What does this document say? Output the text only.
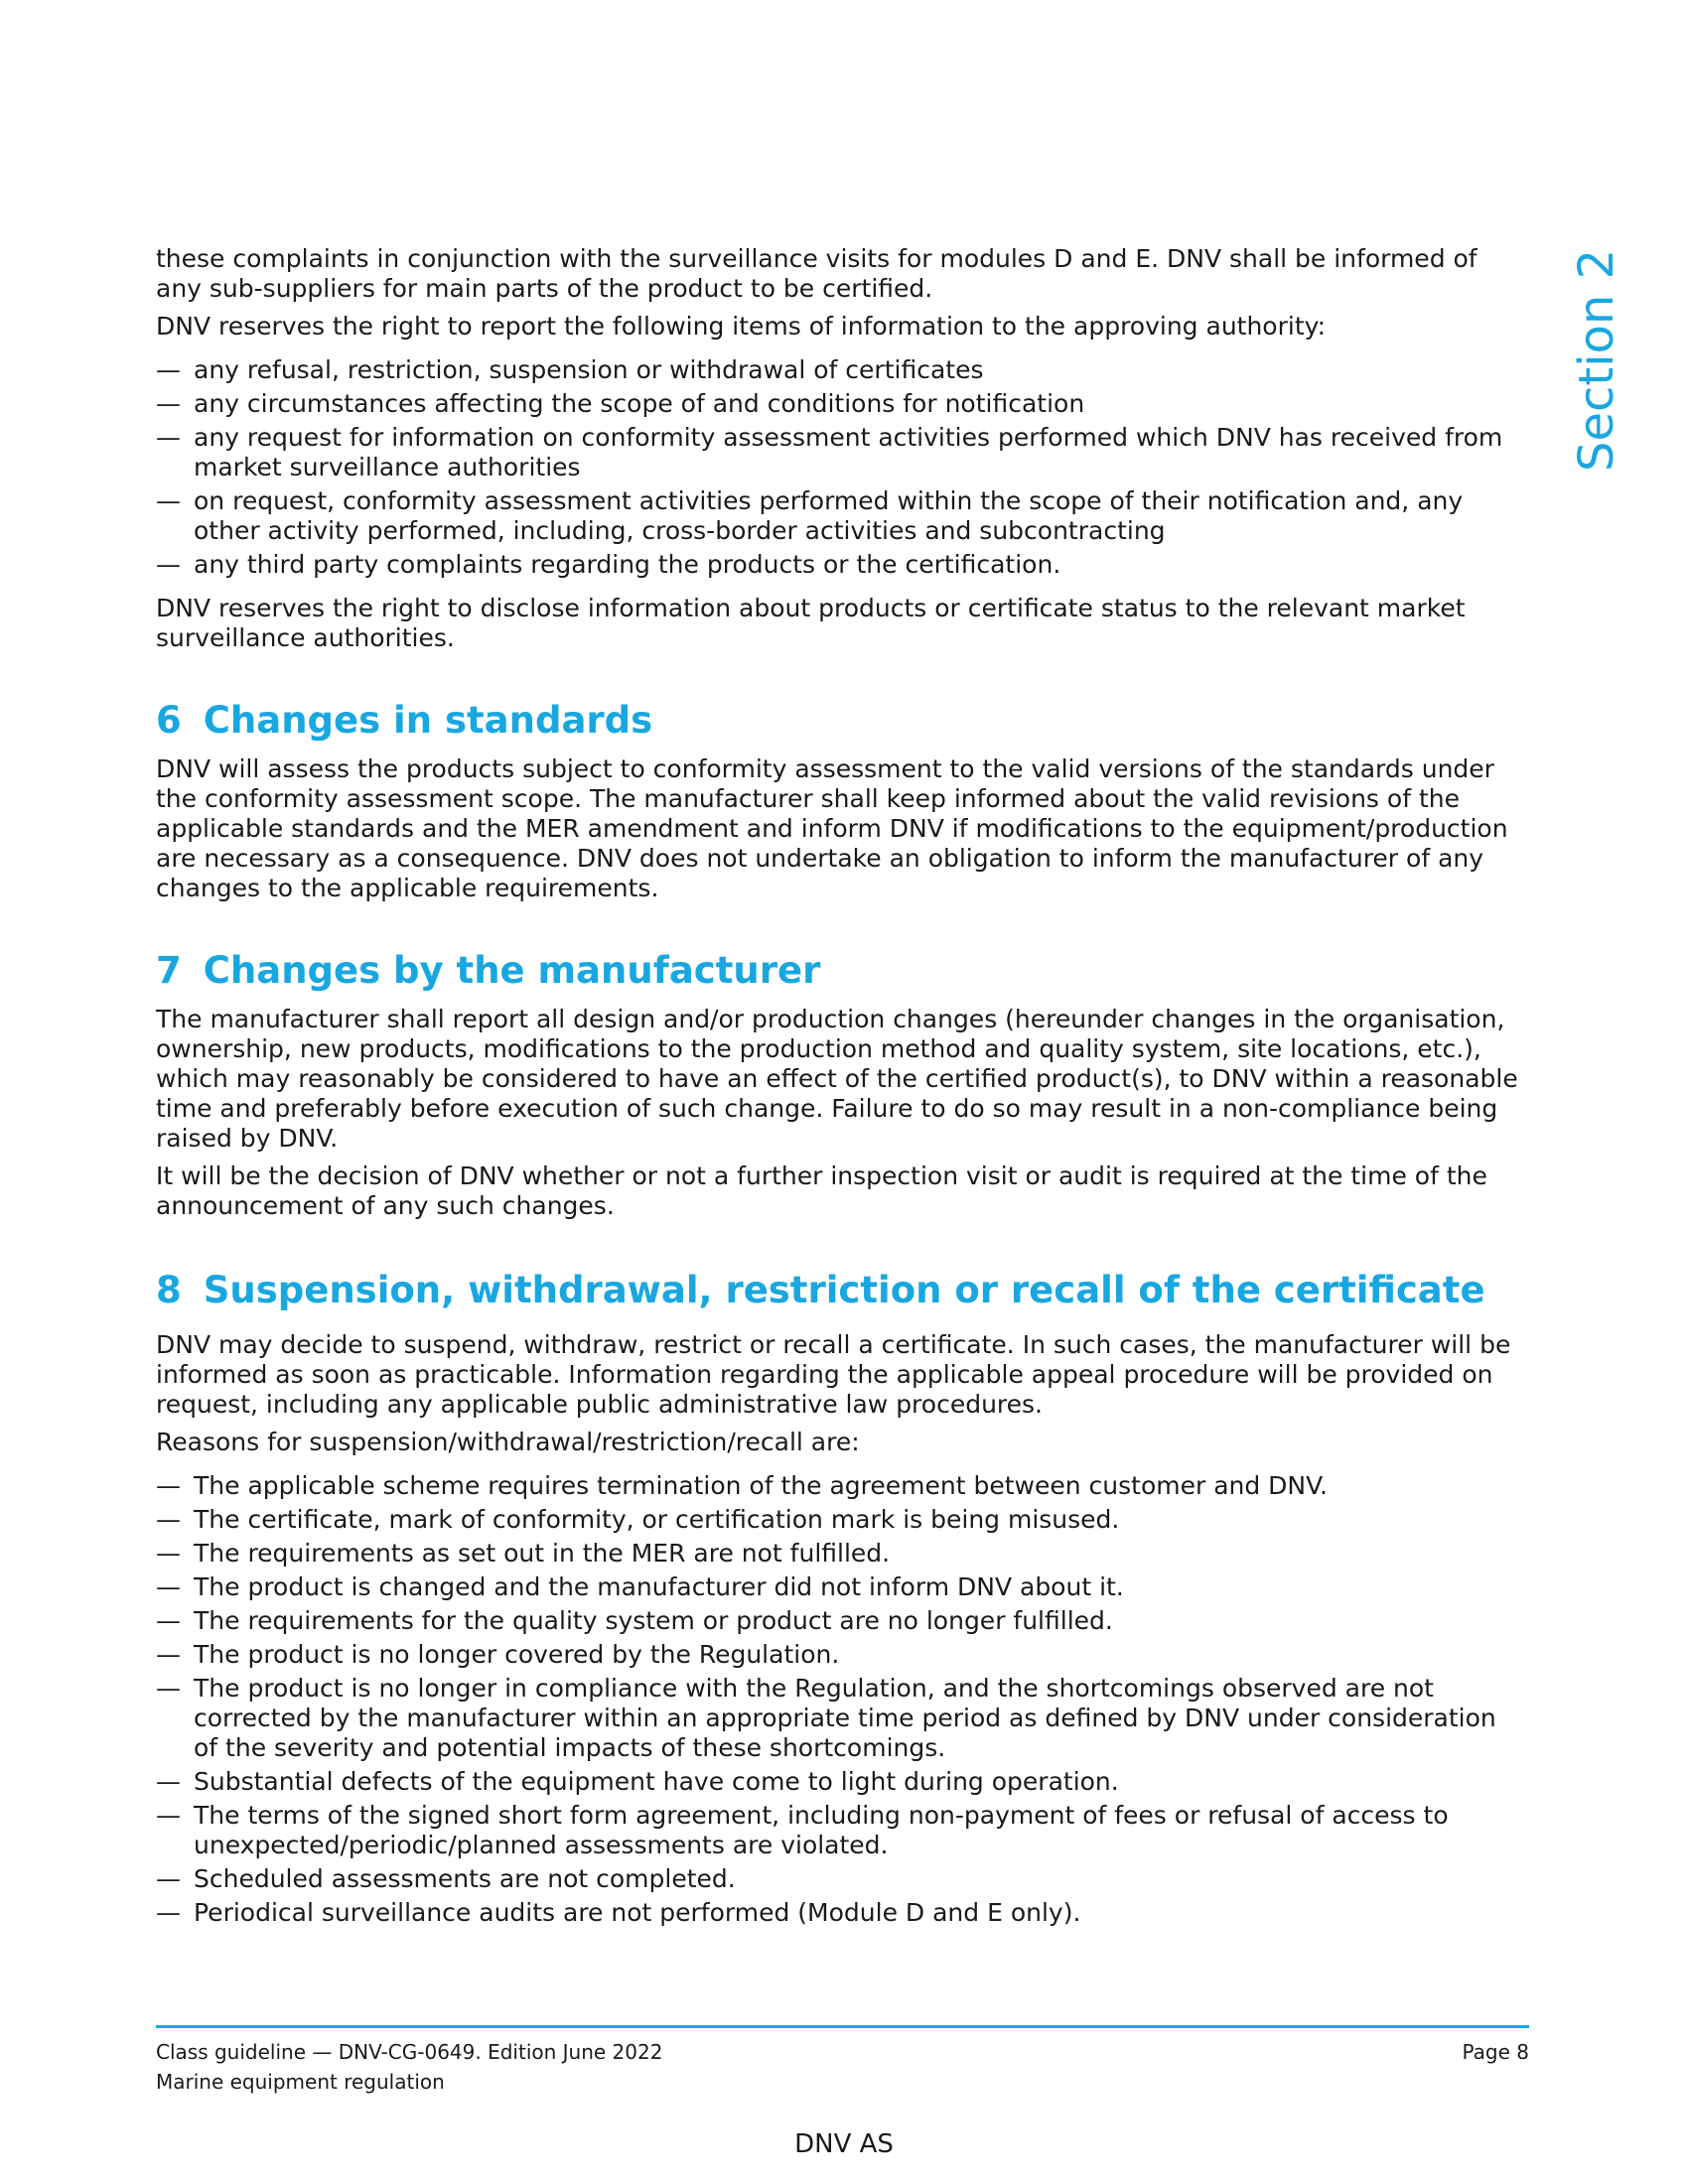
Section 2

these complaints in conjunction with the surveillance visits for modules D and E. DNV shall be informed of any sub-suppliers for main parts of the product to be certified.

DNV reserves the right to report the following items of information to the approving authority:

— any refusal, restriction, suspension or withdrawal of certificates
— any circumstances affecting the scope of and conditions for notification
— any request for information on conformity assessment activities performed which DNV has received from market surveillance authorities
— on request, conformity assessment activities performed within the scope of their notification and, any other activity performed, including, cross-border activities and subcontracting
— any third party complaints regarding the products or the certification.

DNV reserves the right to disclose information about products or certificate status to the relevant market surveillance authorities.

6 Changes in standards

DNV will assess the products subject to conformity assessment to the valid versions of the standards under the conformity assessment scope. The manufacturer shall keep informed about the valid revisions of the applicable standards and the MER amendment and inform DNV if modifications to the equipment/production are necessary as a consequence. DNV does not undertake an obligation to inform the manufacturer of any changes to the applicable requirements.

7 Changes by the manufacturer

The manufacturer shall report all design and/or production changes (hereunder changes in the organisation, ownership, new products, modifications to the production method and quality system, site locations, etc.), which may reasonably be considered to have an effect of the certified product(s), to DNV within a reasonable time and preferably before execution of such change. Failure to do so may result in a non-compliance being raised by DNV.

It will be the decision of DNV whether or not a further inspection visit or audit is required at the time of the announcement of any such changes.

8 Suspension, withdrawal, restriction or recall of the certificate

DNV may decide to suspend, withdraw, restrict or recall a certificate. In such cases, the manufacturer will be informed as soon as practicable. Information regarding the applicable appeal procedure will be provided on request, including any applicable public administrative law procedures.

Reasons for suspension/withdrawal/restriction/recall are:

— The applicable scheme requires termination of the agreement between customer and DNV.
— The certificate, mark of conformity, or certification mark is being misused.
— The requirements as set out in the MER are not fulfilled.
— The product is changed and the manufacturer did not inform DNV about it.
— The requirements for the quality system or product are no longer fulfilled.
— The product is no longer covered by the Regulation.
— The product is no longer in compliance with the Regulation, and the shortcomings observed are not corrected by the manufacturer within an appropriate time period as defined by DNV under consideration of the severity and potential impacts of these shortcomings.
— Substantial defects of the equipment have come to light during operation.
— The terms of the signed short form agreement, including non-payment of fees or refusal of access to unexpected/periodic/planned assessments are violated.
— Scheduled assessments are not completed.
— Periodical surveillance audits are not performed (Module D and E only).
Class guideline — DNV-CG-0649. Edition June 2022
Marine equipment regulation
Page 8
DNV AS
